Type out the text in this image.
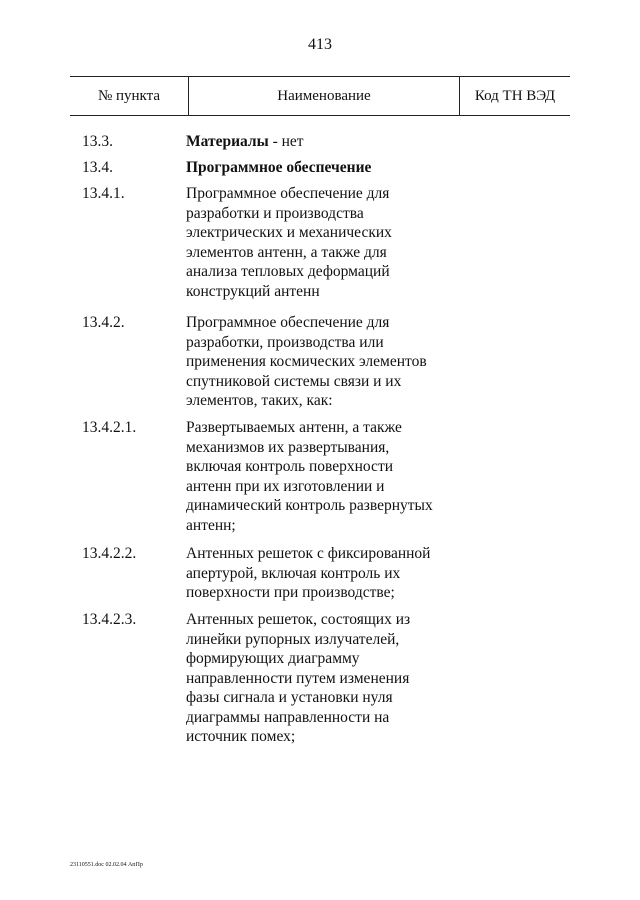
413
№ пункта	Наименование	Код ТН ВЭД
13.3.	Материалы - нет
13.4.	Программное обеспечение
13.4.1.	Программное обеспечение для
разработки и производства
электрических и механических
элементов антенн, а также для
анализа тепловых деформаций
конструкций антенн
13.4.2.	Программное обеспечение для
разработки, производства или
применения космических элементов
спутниковой системы связи и их
элементов, таких, как:
13.4.2.1.	Развертываемых антенн, а также
механизмов их развертывания,
включая контроль поверхности
антенн при их изготовлении и
динамический контроль развернутых
антенн;
13.4.2.2.	Антенных решеток с фиксированной
апертурой, включая контроль их
поверхности при производстве;
13.4.2.3.	Антенных решеток, состоящих из
линейки рупорных излучателей,
формирующих диаграмму
направленности путем изменения
фазы сигнала и установки нуля
диаграммы направленности на
источник помех;
23110551.doc 02.02.04 АпПр
